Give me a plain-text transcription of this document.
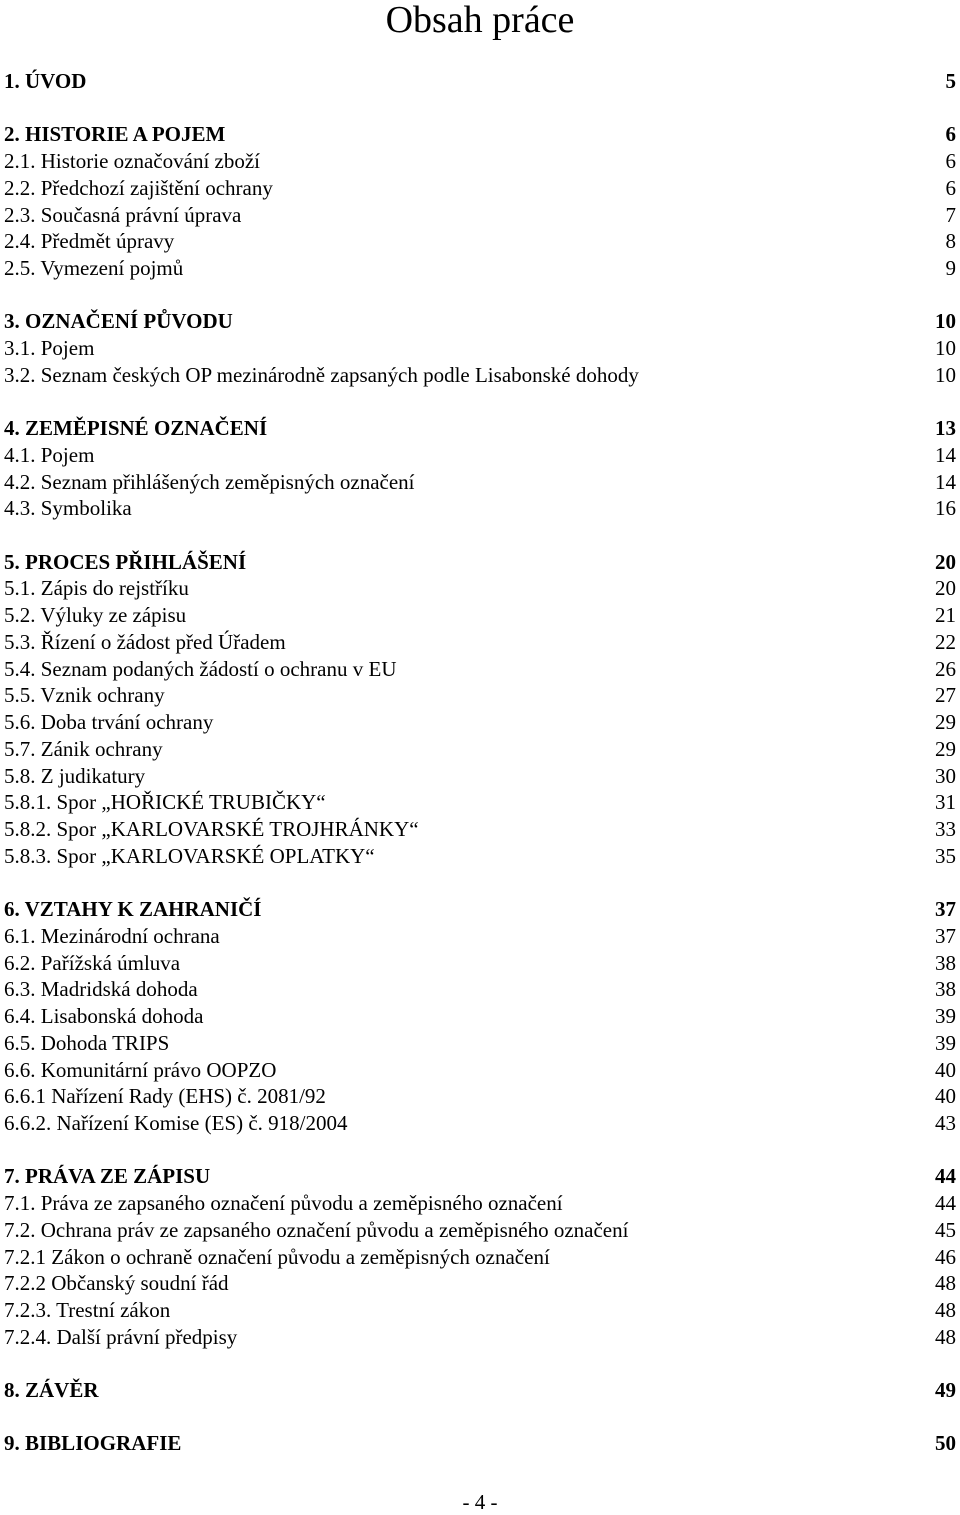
Obsah práce
1. ÚVOD	5
2. HISTORIE A POJEM	6
2.1. Historie označování zboží	6
2.2. Předchozí zajištění ochrany	6
2.3. Současná právní úprava	7
2.4. Předmět úpravy	8
2.5. Vymezení pojmů	9
3. OZNAČENÍ PŮVODU	10
3.1. Pojem	10
3.2. Seznam českých OP mezinárodně zapsaných podle Lisabonské dohody	10
4. ZEMĚPISNÉ OZNAČENÍ	13
4.1. Pojem	14
4.2. Seznam přihlášených zeměpisných označení	14
4.3. Symbolika	16
5. PROCES PŘIHLÁŠENÍ	20
5.1. Zápis do rejstříku	20
5.2. Výluky ze zápisu	21
5.3. Řízení o žádost před Úřadem	22
5.4. Seznam podaných žádostí o ochranu v EU	26
5.5. Vznik ochrany	27
5.6. Doba trvání ochrany	29
5.7. Zánik ochrany	29
5.8. Z judikatury	30
5.8.1. Spor „HOŘICKÉ TRUBIČKY“	31
5.8.2. Spor „KARLOVARSKÉ TROJHRÁNKY“	33
5.8.3. Spor „KARLOVARSKÉ OPLATKY“	35
6. VZTAHY K ZAHRANIČÍ	37
6.1. Mezinárodní ochrana	37
6.2. Pařížská úmluva	38
6.3. Madridská dohoda	38
6.4. Lisabonská dohoda	39
6.5. Dohoda TRIPS	39
6.6. Komunitární právo OOPZO	40
6.6.1 Nařízení Rady (EHS) č. 2081/92	40
6.6.2. Nařízení Komise (ES) č. 918/2004	43
7. PRÁVA ZE ZÁPISU	44
7.1. Práva ze zapsaného označení původu a zeměpisného označení	44
7.2. Ochrana práv ze zapsaného označení původu a zeměpisného označení	45
7.2.1 Zákon o ochraně označení původu a zeměpisných označení	46
7.2.2 Občanský soudní řád	48
7.2.3. Trestní zákon	48
7.2.4. Další právní předpisy	48
8. ZÁVĚR	49
9. BIBLIOGRAFIE	50
- 4 -
